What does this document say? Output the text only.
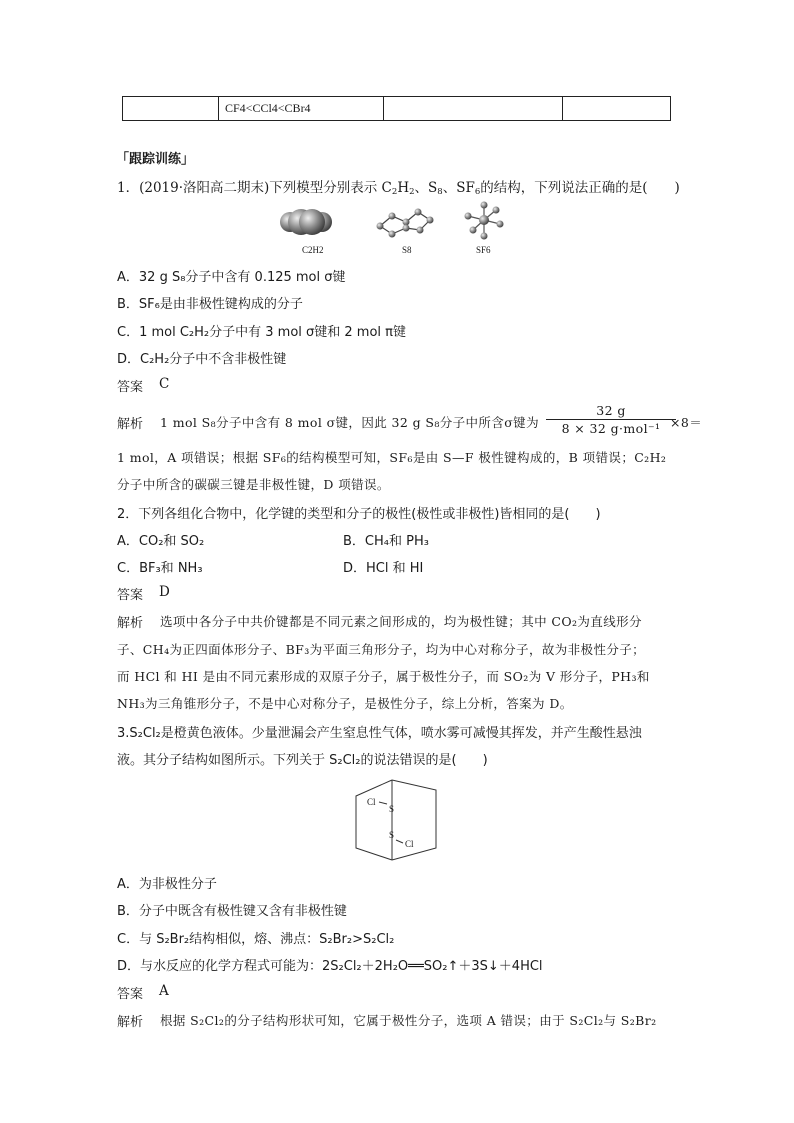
	CF4<CCl4<CBr4		
「跟踪训练」
1．(2019·洛阳高二期末)下列模型分别表示 $C_2H_2$、$S_8$、$SF_6$的结构，下列说法正确的是(　　)
C2H2	S8	SF6
A．32 g S₈分子中含有 0.125 mol σ键
B．SF₆是由非极性键构成的分子
C．1 mol C₂H₂分子中有 3 mol σ键和 2 mol π键
D．C₂H₂分子中不含非极性键
答案 C
解析 1 mol S₈分子中含有 8 mol σ键，因此 32 g S₈分子中所含σ键为
32 g
8 × 32 g·mol⁻¹ ×8＝
1 mol，A 项错误；根据 SF₆的结构模型可知，SF₆是由 S—F 极性键构成的，B 项错误；C₂H₂
分子中所含的碳碳三键是非极性键，D 项错误。
2．下列各组化合物中，化学键的类型和分子的极性(极性或非极性)皆相同的是(　　)
A．CO₂和 SO₂	B．CH₄和 PH₃
C．BF₃和 NH₃	D．HCl 和 HI
答案 D
解析 选项中各分子中共价键都是不同元素之间形成的，均为极性键；其中 CO₂为直线形分
子、CH₄为正四面体形分子、BF₃为平面三角形分子，均为中心对称分子，故为非极性分子；
而 HCl 和 HI 是由不同元素形成的双原子分子，属于极性分子，而 SO₂为 V 形分子，PH₃和
NH₃为三角锥形分子，不是中心对称分子，是极性分子，综上分析，答案为 D。
3.S₂Cl₂是橙黄色液体。少量泄漏会产生窒息性气体，喷水雾可减慢其挥发，并产生酸性悬浊
液。其分子结构如图所示。下列关于 S₂Cl₂的说法错误的是(　　)
Cl
S
S
Cl
A．为非极性分子
B．分子中既含有极性键又含有非极性键
C．与 S₂Br₂结构相似，熔、沸点：S₂Br₂>S₂Cl₂
D．与水反应的化学方程式可能为：2S₂Cl₂＋2H₂O══SO₂↑＋3S↓＋4HCl
答案 A
解析 根据 S₂Cl₂的分子结构形状可知，它属于极性分子，选项 A 错误；由于 S₂Cl₂与 S₂Br₂
